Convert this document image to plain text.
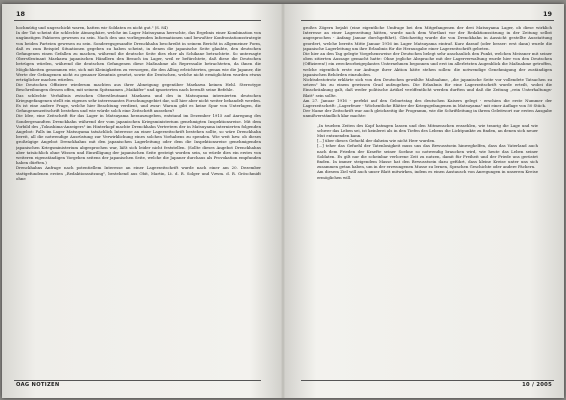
18

hochmütig und ungeschickt waren, hatten wir Soldaten es nicht gut." (S. 84)

In der Tat scheint die schlechte Atmosphäre, welche im Lager Matsuyama herrschte, das Ergebnis einer Kombination von ungünstigen Faktoren gewesen zu sein. Nach den uns vorliegenden Informationen und bewußter Konfrontationsstrategie von beiden Parteien gewesen zu sein. Sonderegsgesandte Drenckhahn beschreibt in seinem Bericht in allgemeiner Form, daß es zum Beispiel Situationen gegeben zu haben scheint, in denen die japanische Seite glaubte, den deutschen Gefangenen einen Gefallen zu machen, während die deutsche Seite dies eher als Schikane betrachtete. So untersagte Oberstleutnant Maekawa japanischen Händlern den Besuch im Lager, weil er befürchtete, daß diese die Deutschen betrügen würden, während die deutschen Gefangenen diese Maßnahme als Repressalie betrachteten, da ihnen die Möglichkeiten genommen wie, sich mit Kleinigkeiten zu versorgen, die den Alltag erleichterten, genau wie die Japaner, die Werte der Gefangenen nicht zu genauer Kenntnis gesetzt, sowie die Deutschen, welche nicht ermöglichten wurden etwas erträglicher machen würden.

Die Deutschen Offiziere wiederum machten aus ihrer Abneigung gegenüber Maekawa keinen Hehl. Stereotype Beschreibungen dessen offen, mit seinem Spitznamen „Maikäfer" und ignorierten nach bewußt seine Befehle.

Das schlechte Verhältnis zwischen Oberstleutnant Maekawa und des in Matsuyama internierten deutschen Kriegsgefangenen stellt ein eigenes sehr interessantes Forschungsgebiet dar, soll hier aber nicht weiter behandelt werden. Es ist eine andere Frage, welche hier Beachtung verdient, und zwar: Warum gibt es keine Spur von Unterlagen, die Gefangenenzeitschrift bestehen und wie würde solch eine Zeitschrift aussehen?

Die Idee, eine Zeitschrift für das Lager in Matsuyama herauszugeben, entstand im Dezember 1915 auf Anregung des Sondergesandten Drenckhahn während der vom japanischen Kriegsministerium genehmigten Inspektionsreise. Mit dem Vorbild des „Tokushima-Anzeigers" im Hinterkopf machte Drenckhahn Vertretern der in Matsuyama internierten folgenden Angebot: Falls im Lager Matsuyama tatsächlich Interesse an einer Lagerzeitschrift bestehen sollte, so wäre Drenckhahn bereit, all die notwendige Ausrüstung zur Verwirklichung eines solchen Vorhabens zu spenden. Wie weit bzw. ob dieses großzügige Angebot Drenckhahns mit den japanischen Lagerleitung oder dem die Inspektionsreise genehmigenden japanischen Kriegsministerium abgesprochen war, läßt sich leider nicht feststellen. (Sollte dieses Angebot Drenckhahns aber tatsächlich ohne Wissen und Einwilligung der japanischen Seite gesteigt worden sein, so würde dies ein erstes von weiteren eigenständigen Vorgehen seitens der japanischen Seite, welche die Japaner durchaus als Provokation empfunden haben dürften.)

Drenckhahns Anfrage nach potentiellem Interesse an einer Lagerzeitschrift wurde nach einer am 20. Dezember stattgefundenen ersten „Redaktionssitzung", bestehend aus Obit, Martin, Lt. d. R. Solger und Vzwm. d. R. Gröschmidt ohne

OAG NOTIZEN
19

großes Zögern bejaht (eine eigentliche Umfrage bei den Mitgefangenen der drei Matsuyama Lager, ob diese wirklich Interesse an einer Lagerzeitung hätten, wurde nach dem Wortlaut vor der Redaktionssitzung in der Zeitung selbst angesprochen - Anfang Januar durchgeführt). Gleichzeitig wurde die von Drenckhahn in Aussicht gestellte Ausstattung geordert, welche bereits Mitte Januar 1916 im Lager Matsuyama eintraf. Kurz darauf (oder besser: erst dann) wurde die japanische Lagerleitung um ihre Erlaubnis für die Herausgabe einer Lagerzeitschrift gebeten.

Die hier an den Tag gelegte Vorgehensweise der Deutschen belegt sehr anschaulich den Punkt, welchen Meissner mit seiner oben zitierten Aussage gemacht hatte: Ohne jegliche Absprache mit der Lagerverwaltung wurde hier von den Deutschen (Offizieren!) ein zweckvorbeigeplantes Unternehmen begonnen und erst im allerletzten Augenblick die Maßnahme getroffen, welche eigentlich erste zur Anfrage ihrer Aktion hätte stehen sollen: die notwendige Genehmigung der zuständigen japanischen Behörden einzuholen.

Nichtsdestotrotz erklärte sich von den Deutschen gewählte Maßnahme, „die japanische Seite vor vollendete Tatsachen zu setzen" bis zu einem gewissen Grad aufzugehen. Die Erlaubnis für eine Lagerzeitschrift wurde erteilt, wobei die Einschränkung galt, daß weder politische Artikel veröffentlicht werden durften und daß die Zeitung „rein Unterhaltungs-Blatt" sein sollte.

Am 27. Januar 1916 - perfekt auf den Geburtstag des deutschen Kaisers gelegt - erschien die erste Nummer der Lagerzeitschrift: „Lagerfeuer - Wöchentliche Blätter der Kriegsgefangenen in Matsuyama" mit einer Auflage von 50 Stück.

Der Name der Zeitschrift war auch gleichzeitig ihr Programm, wie die Schriftleitung in ihrem Geleitwort zur ersten Ausgabe unmißverständlich klar machte:

„In trueben Zeiten des Kopf hatmgen lassen und den Mitmenschen erzaehlen, wie traurig die Lage und wie schwer das Leben sei, ist keinlerei als in den Tiefen des Lebens die Lichtpunkte zu finden, an denen sich neuer Mut entzuenden kann.

[...] über dieses Gefuehl der daheim wie nicht Herr wurden.

[...] teher das Gefuehl der Tatenlosigkeit muss uns das Bewusstsein hinweghelfen, dass das Vaterland auch nach dem Frieden der Kraefte seiner Soehne so notwendig brauchen wird, wie heute das Leben seiner Soldaten. Es gilt nur die scheinbar verlorene Zeit zu nutzen, damit für Freiheit und der Friede uns gerüstet finden. In immer steigendem Masse hat den Bewusstsein dazu geführt, dass kleine Kreise unter uns sich zusammen getan haben, um in der erzwungenen Musse zu lernen, Sprachen Geschichte oder andere Fächern.

Am diesem Ziel will auch unser Blatt mitwirken, indem es einen Austausch von Anregungen in unserem Kreise ermöglichen will.

10 / 2005
